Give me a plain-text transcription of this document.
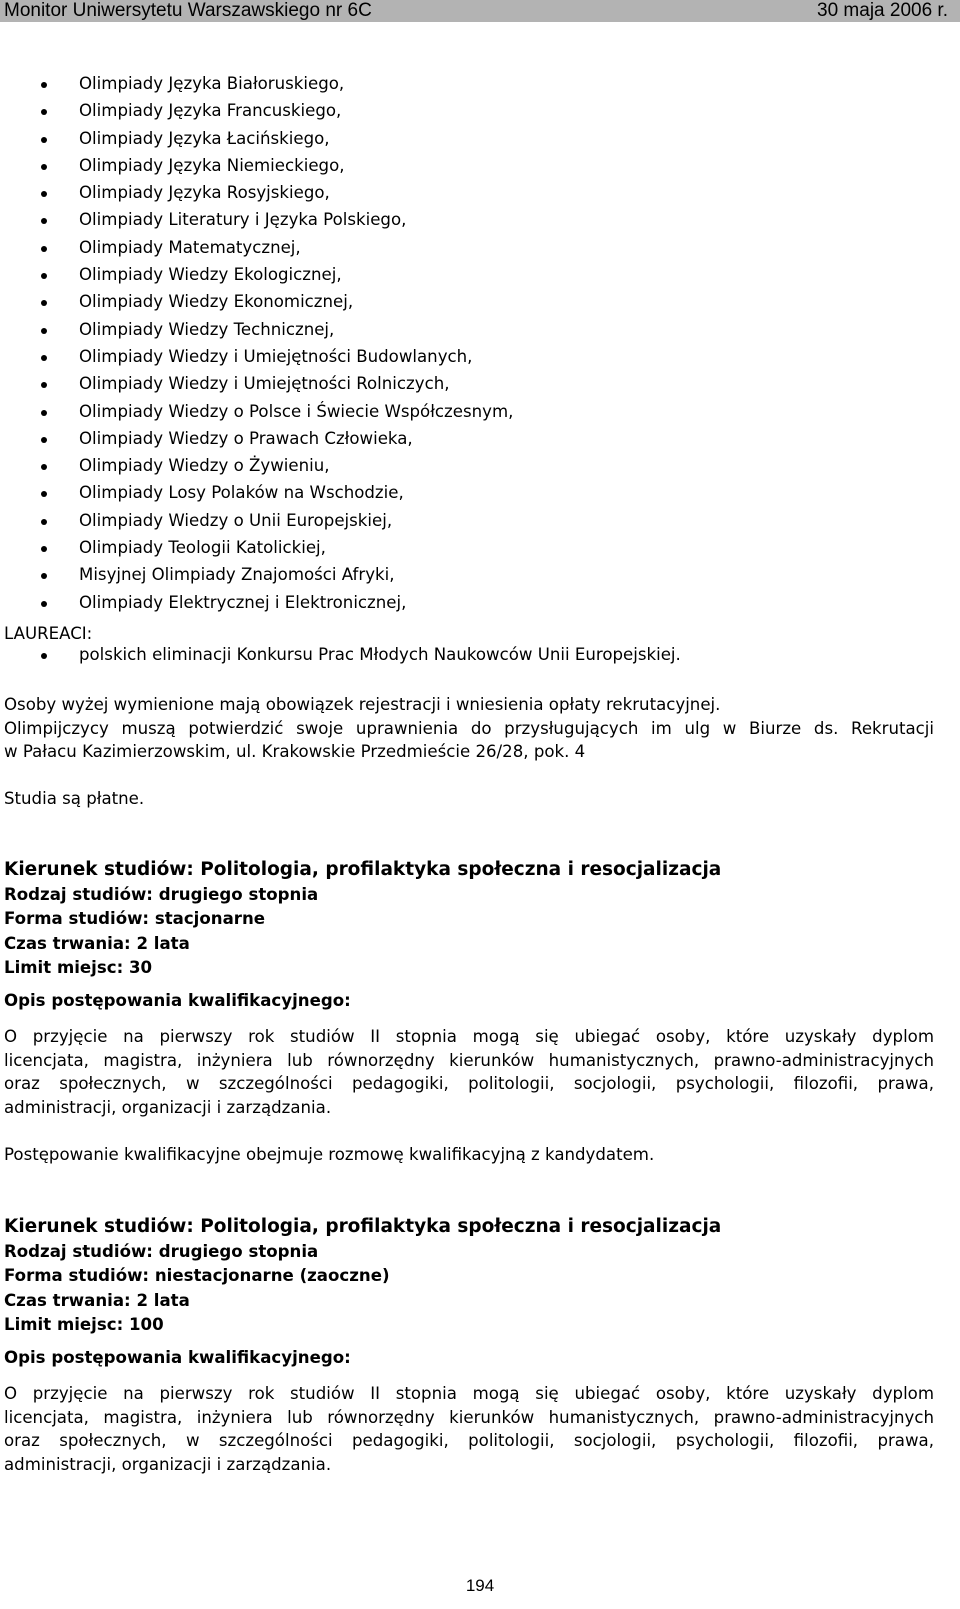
Monitor Uniwersytetu Warszawskiego nr 6C	30 maja 2006 r.
Olimpiady Języka Białoruskiego,
Olimpiady Języka Francuskiego,
Olimpiady Języka Łacińskiego,
Olimpiady Języka Niemieckiego,
Olimpiady Języka Rosyjskiego,
Olimpiady Literatury i Języka Polskiego,
Olimpiady Matematycznej,
Olimpiady Wiedzy Ekologicznej,
Olimpiady Wiedzy Ekonomicznej,
Olimpiady Wiedzy Technicznej,
Olimpiady Wiedzy i Umiejętności Budowlanych,
Olimpiady Wiedzy i Umiejętności Rolniczych,
Olimpiady Wiedzy o Polsce i Świecie Współczesnym,
Olimpiady Wiedzy o Prawach Człowieka,
Olimpiady Wiedzy o Żywieniu,
Olimpiady Losy Polaków na Wschodzie,
Olimpiady Wiedzy o Unii Europejskiej,
Olimpiady Teologii Katolickiej,
Misyjnej Olimpiady Znajomości Afryki,
Olimpiady Elektrycznej i Elektronicznej,
LAUREACI:
polskich eliminacji Konkursu Prac Młodych Naukowców Unii Europejskiej.
Osoby wyżej wymienione mają obowiązek rejestracji i wniesienia opłaty rekrutacyjnej.
Olimpijczycy muszą potwierdzić swoje uprawnienia do przysługujących im ulg w Biurze ds. Rekrutacji
w Pałacu Kazimierzowskim, ul. Krakowskie Przedmieście 26/28, pok. 4
Studia są płatne.
Kierunek studiów: Politologia, profilaktyka społeczna i resocjalizacja
Rodzaj studiów: drugiego stopnia
Forma studiów: stacjonarne
Czas trwania: 2 lata
Limit miejsc: 30
Opis postępowania kwalifikacyjnego:
O przyjęcie na pierwszy rok studiów II stopnia mogą się ubiegać osoby, które uzyskały dyplom
licencjata, magistra, inżyniera lub równorzędny kierunków humanistycznych, prawno-administracyjnych
oraz społecznych, w szczególności pedagogiki, politologii, socjologii, psychologii, filozofii, prawa,
administracji, organizacji i zarządzania.
Postępowanie kwalifikacyjne obejmuje rozmowę kwalifikacyjną z kandydatem.
Kierunek studiów: Politologia, profilaktyka społeczna i resocjalizacja
Rodzaj studiów: drugiego stopnia
Forma studiów: niestacjonarne (zaoczne)
Czas trwania: 2 lata
Limit miejsc: 100
Opis postępowania kwalifikacyjnego:
O przyjęcie na pierwszy rok studiów II stopnia mogą się ubiegać osoby, które uzyskały dyplom
licencjata, magistra, inżyniera lub równorzędny kierunków humanistycznych, prawno-administracyjnych
oraz społecznych, w szczególności pedagogiki, politologii, socjologii, psychologii, filozofii, prawa,
administracji, organizacji i zarządzania.
194
